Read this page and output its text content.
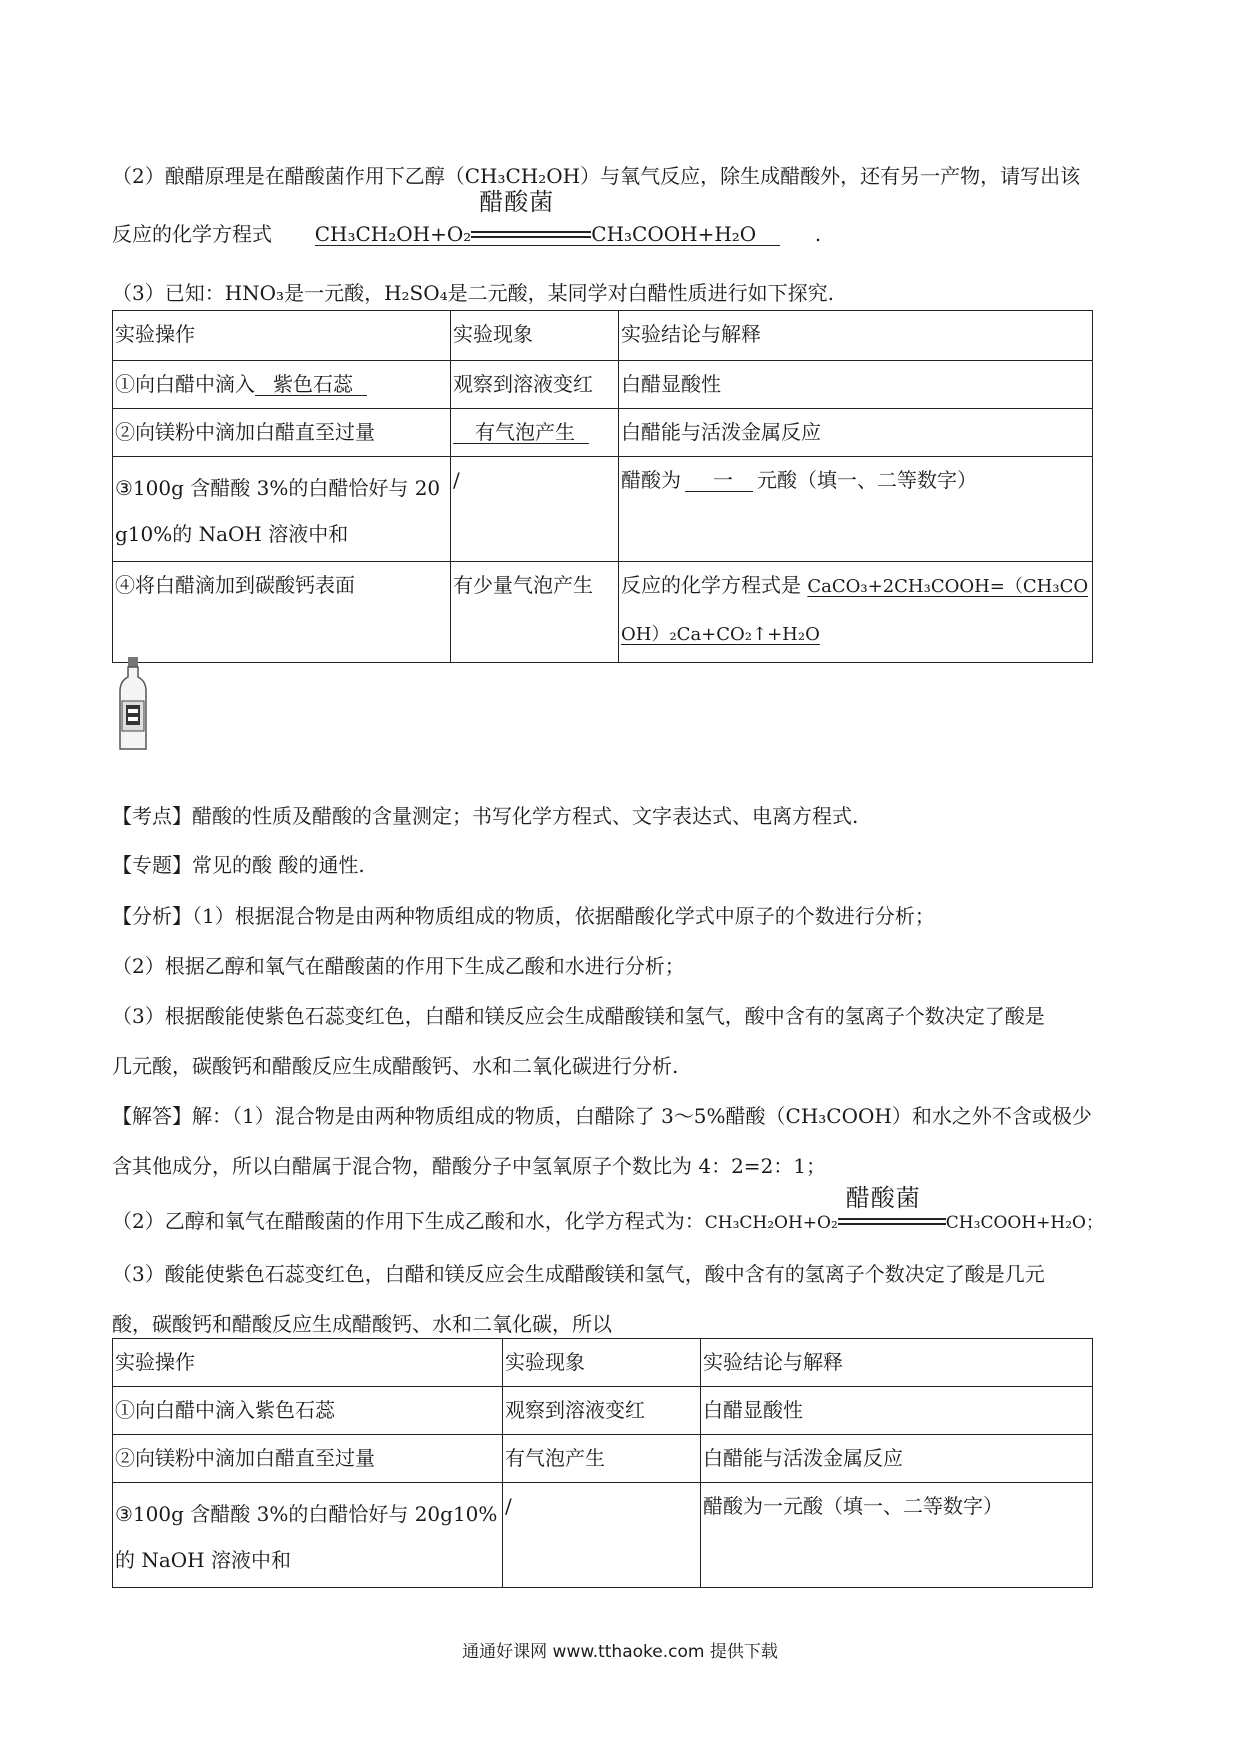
（2）酿醋原理是在醋酸菌作用下乙醇（CH₃CH₂OH）与氧气反应，除生成醋酸外，还有另一产物，请写出该
反应的化学方程式 CH₃CH₂OH+O₂
醋酸菌
CH₃COOH+H₂O	.
（3）已知：HNO₃是一元酸，H₂SO₄是二元酸，某同学对白醋性质进行如下探究.
实验操作	实验现象	实验结论与解释
①向白醋中滴入 紫色石蕊	观察到溶液变红	白醋显酸性
②向镁粉中滴加白醋直至过量	有气泡产生	白醋能与活泼金属反应
③100g 含醋酸 3%的白醋恰好与 20g10%的 NaOH 溶液中和	/	醋酸为 一 元酸（填一、二等数字）
④将白醋滴加到碳酸钙表面	有少量气泡产生	反应的化学方程式是 CaCO₃+2CH₃COOH=（CH₃COOH）₂Ca+CO₂↑+H₂O
【考点】醋酸的性质及醋酸的含量测定；书写化学方程式、文字表达式、电离方程式.
【专题】常见的酸 酸的通性.
【分析】（1）根据混合物是由两种物质组成的物质，依据醋酸化学式中原子的个数进行分析；
（2）根据乙醇和氧气在醋酸菌的作用下生成乙酸和水进行分析；
（3）根据酸能使紫色石蕊变红色，白醋和镁反应会生成醋酸镁和氢气，酸中含有的氢离子个数决定了酸是
几元酸，碳酸钙和醋酸反应生成醋酸钙、水和二氧化碳进行分析.
【解答】解：（1）混合物是由两种物质组成的物质，白醋除了 3～5%醋酸（CH₃COOH）和水之外不含或极少
含其他成分，所以白醋属于混合物，醋酸分子中氢氧原子个数比为 4：2=2：1；
（2）乙醇和氧气在醋酸菌的作用下生成乙酸和水，化学方程式为：CH₃CH₂OH+O₂
醋酸菌
CH₃COOH+H₂O；
（3）酸能使紫色石蕊变红色，白醋和镁反应会生成醋酸镁和氢气，酸中含有的氢离子个数决定了酸是几元
酸，碳酸钙和醋酸反应生成醋酸钙、水和二氧化碳，所以
实验操作	实验现象	实验结论与解释
①向白醋中滴入紫色石蕊	观察到溶液变红	白醋显酸性
②向镁粉中滴加白醋直至过量	有气泡产生	白醋能与活泼金属反应
③100g 含醋酸 3%的白醋恰好与 20g10%的 NaOH 溶液中和	/	醋酸为一元酸（填一、二等数字）
通通好课网 www.tthaoke.com 提供下载
